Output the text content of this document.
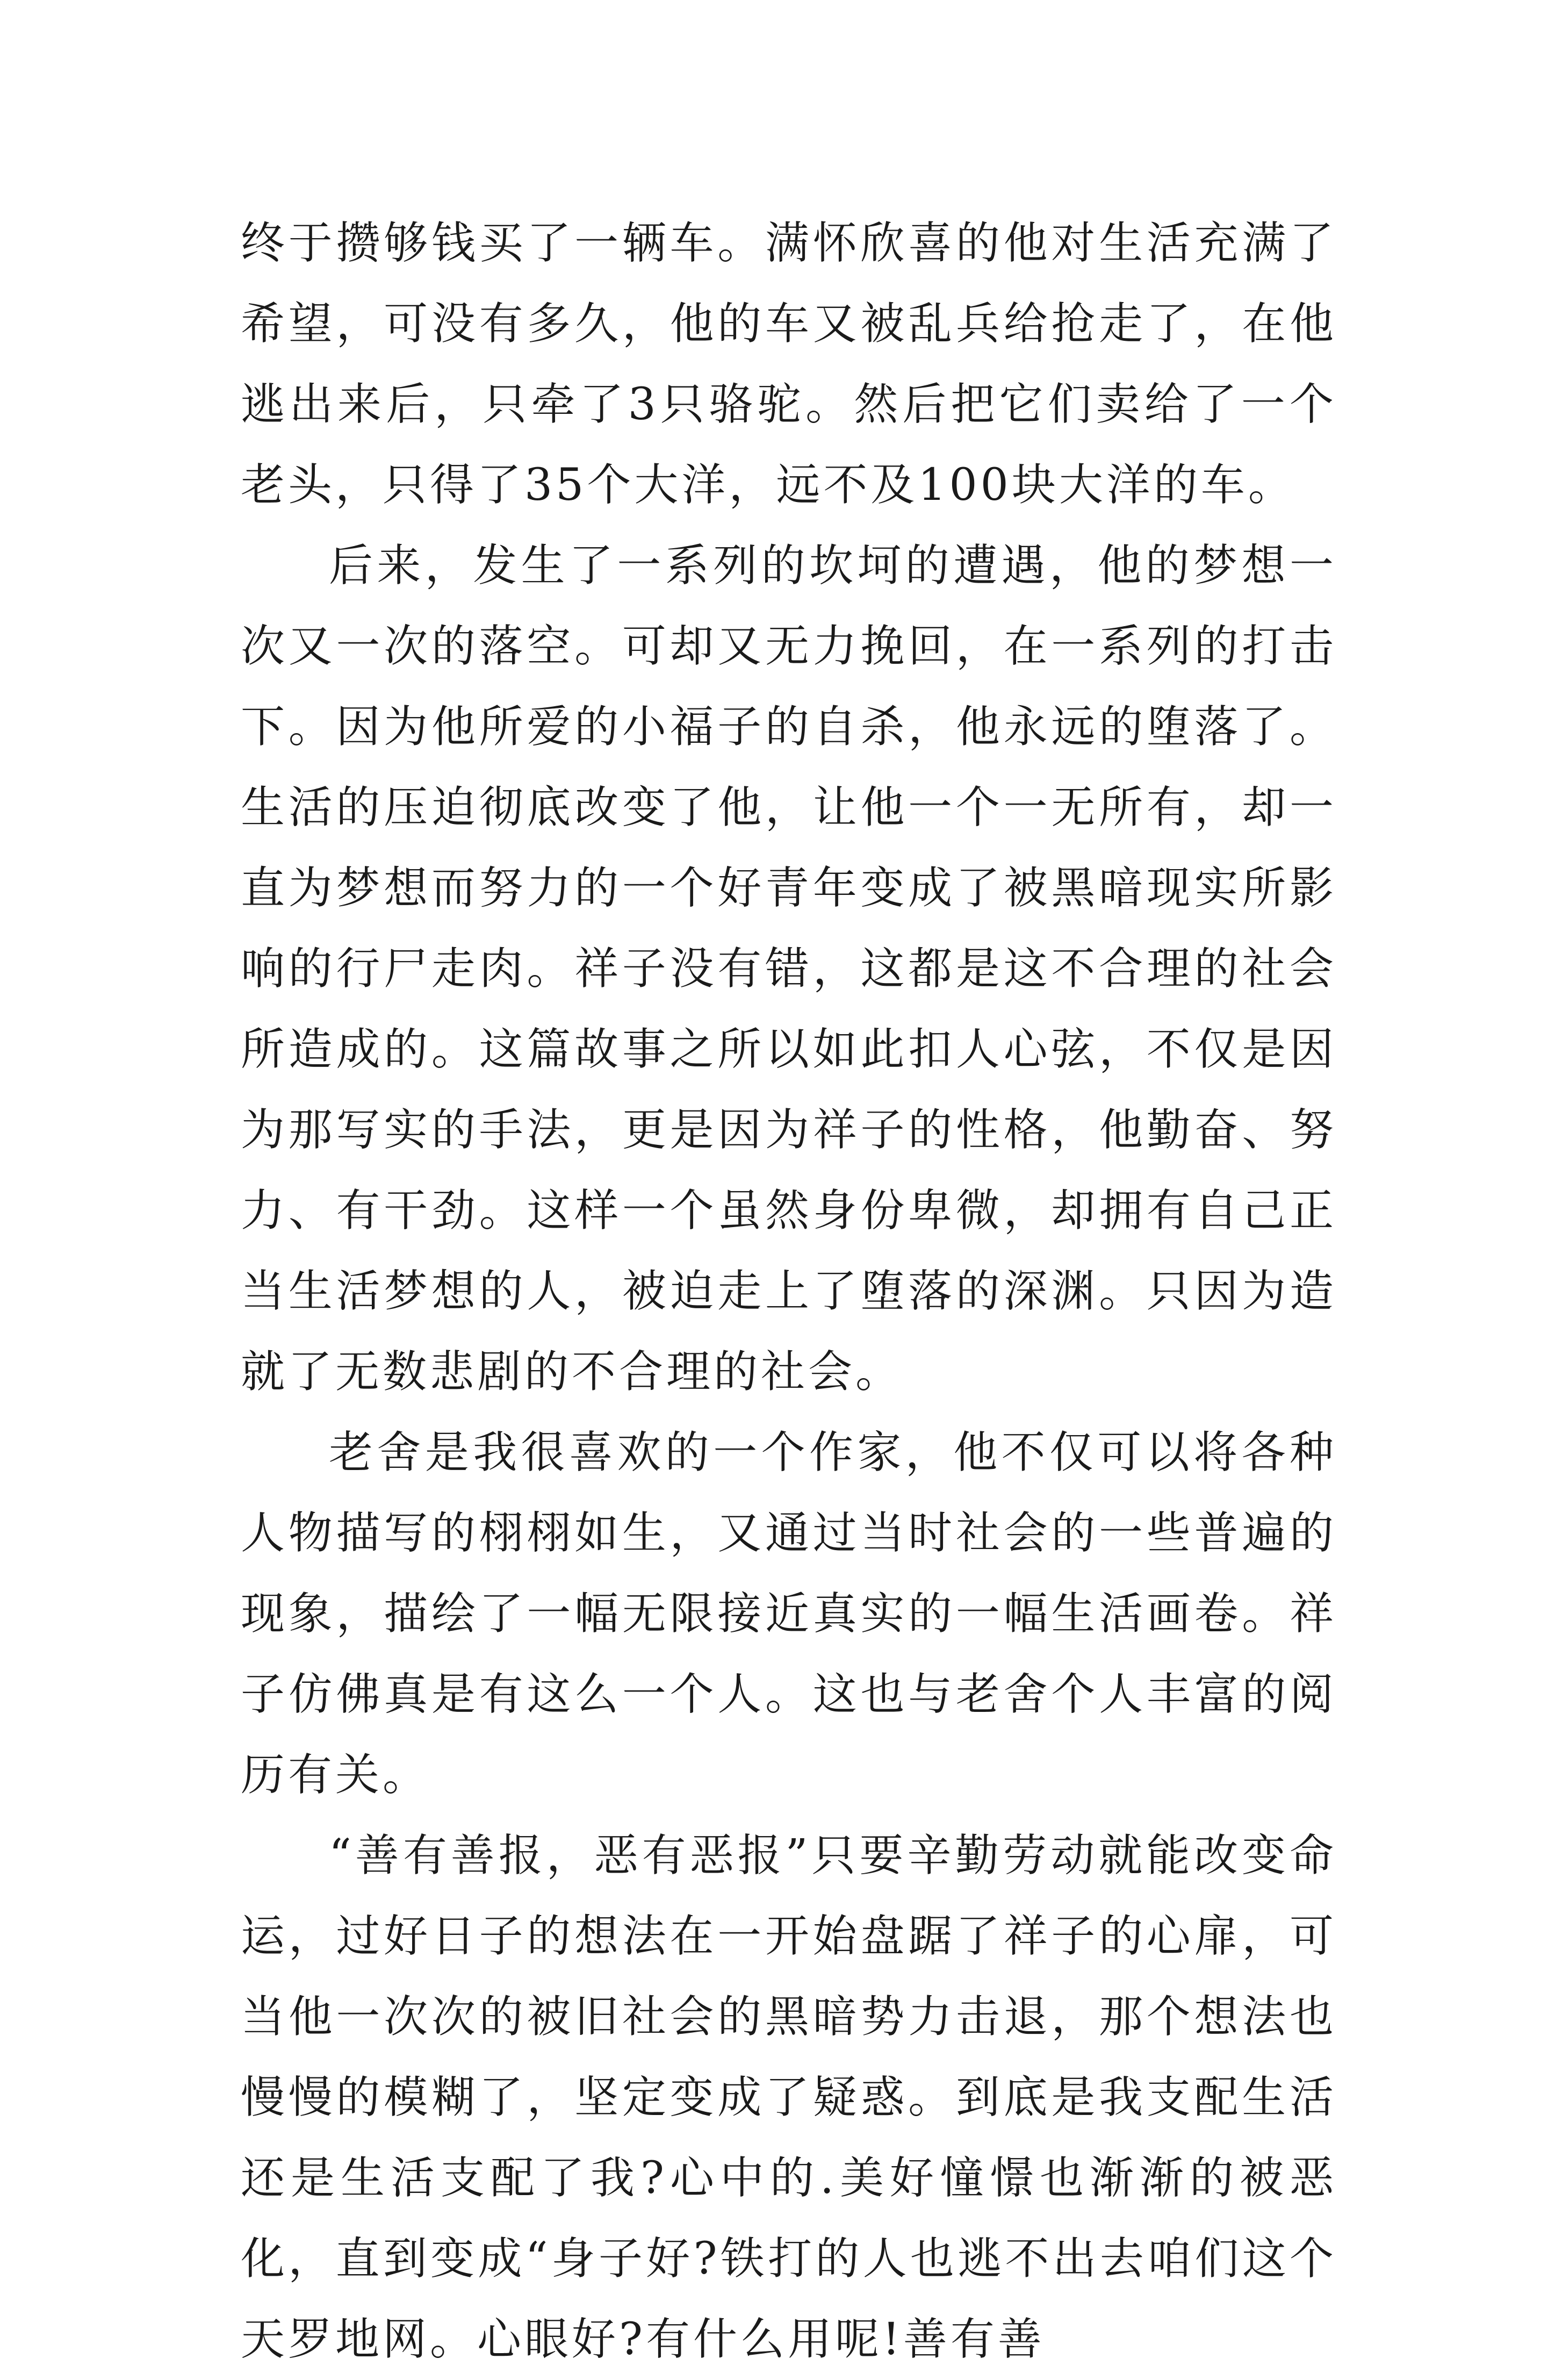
终于攒够钱买了一辆车。满怀欣喜的他对生活充满了希望，可没有多久，他的车又被乱兵给抢走了，在他逃出来后，只牵了3只骆驼。然后把它们卖给了一个老头，只得了35个大洋，远不及100块大洋的车。

后来，发生了一系列的坎坷的遭遇，他的梦想一次又一次的落空。可却又无力挽回，在一系列的打击下。因为他所爱的小福子的自杀，他永远的堕落了。生活的压迫彻底改变了他，让他一个一无所有，却一直为梦想而努力的一个好青年变成了被黑暗现实所影响的行尸走肉。祥子没有错，这都是这不合理的社会所造成的。这篇故事之所以如此扣人心弦，不仅是因为那写实的手法，更是因为祥子的性格，他勤奋、努力、有干劲。这样一个虽然身份卑微，却拥有自己正当生活梦想的人，被迫走上了堕落的深渊。只因为造就了无数悲剧的不合理的社会。

老舍是我很喜欢的一个作家，他不仅可以将各种人物描写的栩栩如生，又通过当时社会的一些普遍的现象，描绘了一幅无限接近真实的一幅生活画卷。祥子仿佛真是有这么一个人。这也与老舍个人丰富的阅历有关。

“善有善报，恶有恶报”只要辛勤劳动就能改变命运，过好日子的想法在一开始盘踞了祥子的心扉，可当他一次次的被旧社会的黑暗势力击退，那个想法也慢慢的模糊了，坚定变成了疑惑。到底是我支配生活还是生活支配了我?心中的.美好憧憬也渐渐的被恶化，直到变成“身子好?铁打的人也逃不出去咱们这个天罗地网。心眼好?有什么用呢!善有善
